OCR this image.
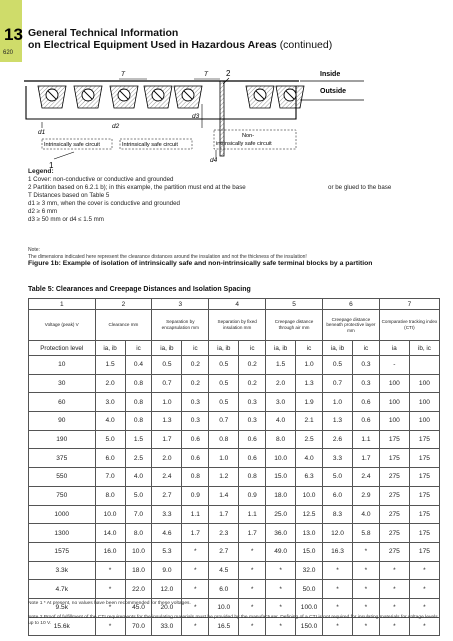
13
620
General Technical Information
on Electrical Equipment Used in Hazardous Areas (continued)
Inside
Outside
T	T 2
1
d1
d2
d3
d4
Intrinsically safe circuit	Intrinsically safe circuit
Non-
intrinsically safe circuit
Legend:
1 Cover: non-conductive or conductive and grounded
2 Partition based on 6.2.1 b); in this example, the partition must end at the base	or be glued to the base
T Distances based on Table 5
d1 ≥ 3 mm, when the cover is conductive and grounded
d2 ≥ 6 mm
d3 ≥ 50 mm or d4 ≤ 1.5 mm
Note:
The dimensions indicated here represent the clearance distances around the insulation and not the thickness of the insulation!
Figure 1b: Example of isolation of intrinsically safe and non-intrinsically safe terminal blocks by a partition
Table 5: Clearances and Creepage Distances and Isolation Spacing
1	2		3		4		5		6		7	
Voltage (peak) V	Clearance mm		Separation by encapsulation mm		Separation by fixed insulation mm		Creepage distance through air mm		Creepage distance beneath protective layer mm		Comparative tracking index (CTI)	
Protection level	ia, ib	ic	ia, ib	ic	ia, ib	ic	ia, ib	ic	ia, ib	ic	ia	ib, ic
10	1.5	0.4	0.5	0.2	0.5	0.2	1.5	1.0	0.5	0.3	-	
30	2.0	0.8	0.7	0.2	0.5	0.2	2.0	1.3	0.7	0.3	100	100
60	3.0	0.8	1.0	0.3	0.5	0.3	3.0	1.9	1.0	0.6	100	100
90	4.0	0.8	1.3	0.3	0.7	0.3	4.0	2.1	1.3	0.6	100	100
190	5.0	1.5	1.7	0.6	0.8	0.6	8.0	2.5	2.6	1.1	175	175
375	6.0	2.5	2.0	0.6	1.0	0.6	10.0	4.0	3.3	1.7	175	175
550	7.0	4.0	2.4	0.8	1.2	0.8	15.0	6.3	5.0	2.4	275	175
750	8.0	5.0	2.7	0.9	1.4	0.9	18.0	10.0	6.0	2.9	275	175
1000	10.0	7.0	3.3	1.1	1.7	1.1	25.0	12.5	8.3	4.0	275	175
1300	14.0	8.0	4.6	1.7	2.3	1.7	36.0	13.0	12.0	5.8	275	175
1575	16.0	10.0	5.3	*	2.7	*	49.0	15.0	16.3	*	275	175
3.3k	*	18.0	9.0	*	4.5	*	*	32.0	*	*	*	*
4.7k	*	22.0	12.0	*	6.0	*	*	50.0	*	*	*	*
9.5k	*	45.0	20.0	*	10.0	*	*	100.0	*	*	*	*
15.6k	*	70.0	33.0	*	16.5	*	*	150.0	*	*	*	*
Note 1 * At present, no values have been recommended for these voltages.
Note 2 Proof of fulfillment of the CTI requirements for the insulating materials must be provided by the manufacturer. Defining of a CTI is not required for insulating materials for voltage levels up to 10 V.
